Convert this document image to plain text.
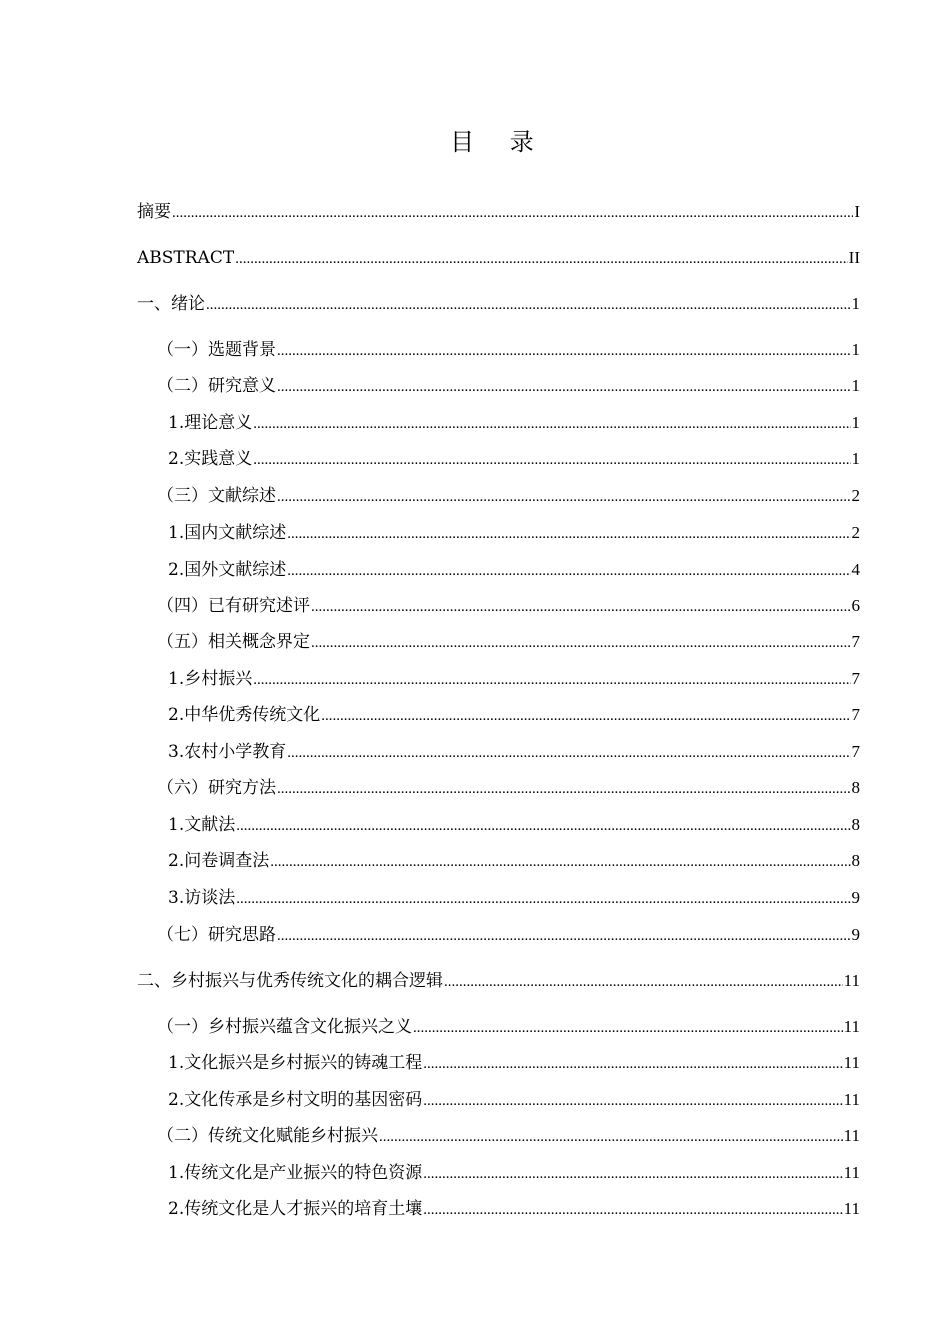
目 录
摘要 .....	I
ABSTRACT .....	II
一、绪论 .....	1
（一）选题背景 .....	1
（二）研究意义 .....	1
1.理论意义 .....	1
2.实践意义 .....	1
（三）文献综述 .....	2
1.国内文献综述 .....	2
2.国外文献综述 .....	4
（四）已有研究述评 .....	6
（五）相关概念界定 .....	7
1.乡村振兴 .....	7
2.中华优秀传统文化 .....	7
3.农村小学教育 .....	7
（六）研究方法 .....	8
1.文献法 .....	8
2.问卷调查法 .....	8
3.访谈法 .....	9
（七）研究思路 .....	9
二、乡村振兴与优秀传统文化的耦合逻辑 .....	11
（一）乡村振兴蕴含文化振兴之义 .....	11
1.文化振兴是乡村振兴的铸魂工程 .....	11
2.文化传承是乡村文明的基因密码 .....	11
（二）传统文化赋能乡村振兴 .....	11
1.传统文化是产业振兴的特色资源 .....	11
2.传统文化是人才振兴的培育土壤 .....	11
